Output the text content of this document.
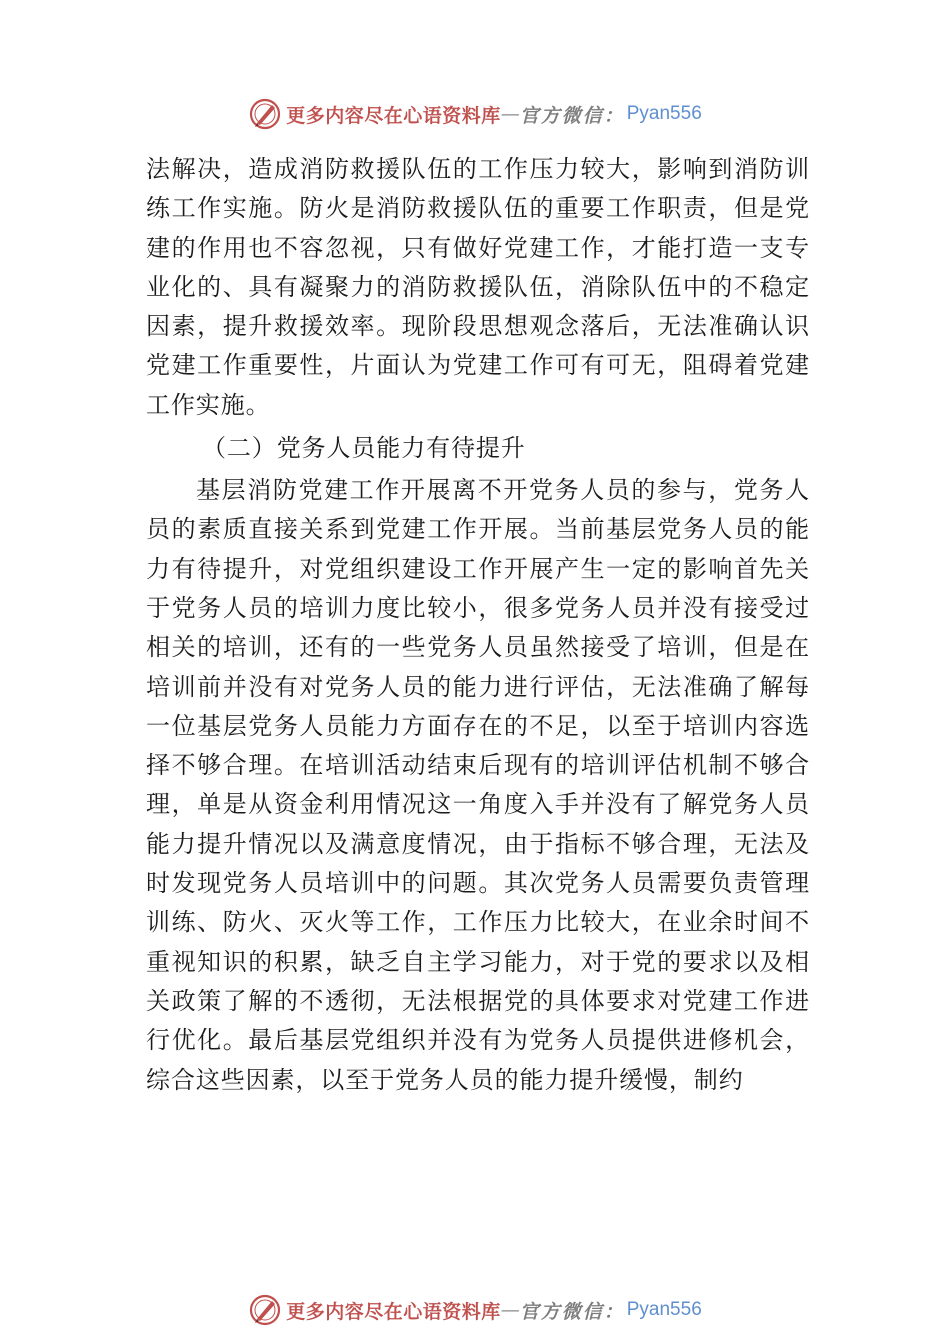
更多内容尽在心语资料库 — 官方微信： Pyan556

法解决，造成消防救援队伍的工作压力较大，影响到消防训练工作实施。防火是消防救援队伍的重要工作职责，但是党建的作用也不容忽视，只有做好党建工作，才能打造一支专业化的、具有凝聚力的消防救援队伍，消除队伍中的不稳定因素，提升救援效率。现阶段思想观念落后，无法准确认识党建工作重要性，片面认为党建工作可有可无，阻碍着党建工作实施。

（二）党务人员能力有待提升

基层消防党建工作开展离不开党务人员的参与，党务人员的素质直接关系到党建工作开展。当前基层党务人员的能力有待提升，对党组织建设工作开展产生一定的影响首先关于党务人员的培训力度比较小，很多党务人员并没有接受过相关的培训，还有的一些党务人员虽然接受了培训，但是在培训前并没有对党务人员的能力进行评估，无法准确了解每一位基层党务人员能力方面存在的不足，以至于培训内容选择不够合理。在培训活动结束后现有的培训评估机制不够合理，单是从资金利用情况这一角度入手并没有了解党务人员能力提升情况以及满意度情况，由于指标不够合理，无法及时发现党务人员培训中的问题。其次党务人员需要负责管理训练、防火、灭火等工作，工作压力比较大，在业余时间不重视知识的积累，缺乏自主学习能力，对于党的要求以及相关政策了解的不透彻，无法根据党的具体要求对党建工作进行优化。最后基层党组织并没有为党务人员提供进修机会，综合这些因素，以至于党务人员的能力提升缓慢，制约

更多内容尽在心语资料库 — 官方微信： Pyan556
